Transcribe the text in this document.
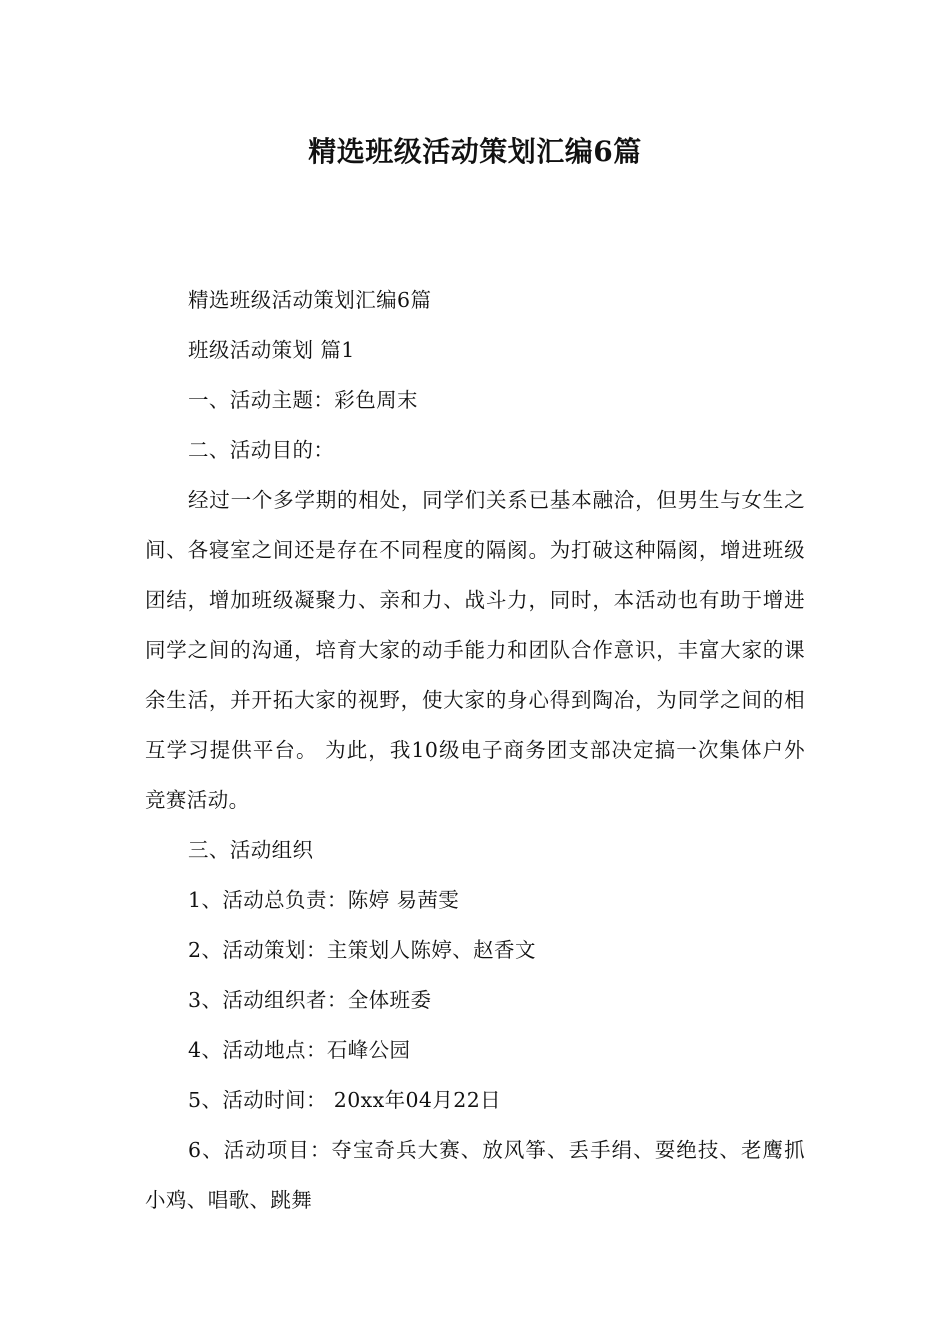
精选班级活动策划汇编6篇

精选班级活动策划汇编6篇

班级活动策划 篇1

一、活动主题：彩色周末

二、活动目的：

经过一个多学期的相处，同学们关系已基本融洽，但男生与女生之间、各寝室之间还是存在不同程度的隔阂。为打破这种隔阂，增进班级团结，增加班级凝聚力、亲和力、战斗力，同时，本活动也有助于增进同学之间的沟通，培育大家的动手能力和团队合作意识，丰富大家的课余生活，并开拓大家的视野，使大家的身心得到陶冶，为同学之间的相互学习提供平台。 为此，我10级电子商务团支部决定搞一次集体户外竞赛活动。

三、活动组织

1、活动总负责：陈婷 易茜雯

2、活动策划：主策划人陈婷、赵香文

3、活动组织者：全体班委

4、活动地点：石峰公园

5、活动时间： 20xx年04月22日

6、活动项目：夺宝奇兵大赛、放风筝、丢手绢、耍绝技、老鹰抓小鸡、唱歌、跳舞
